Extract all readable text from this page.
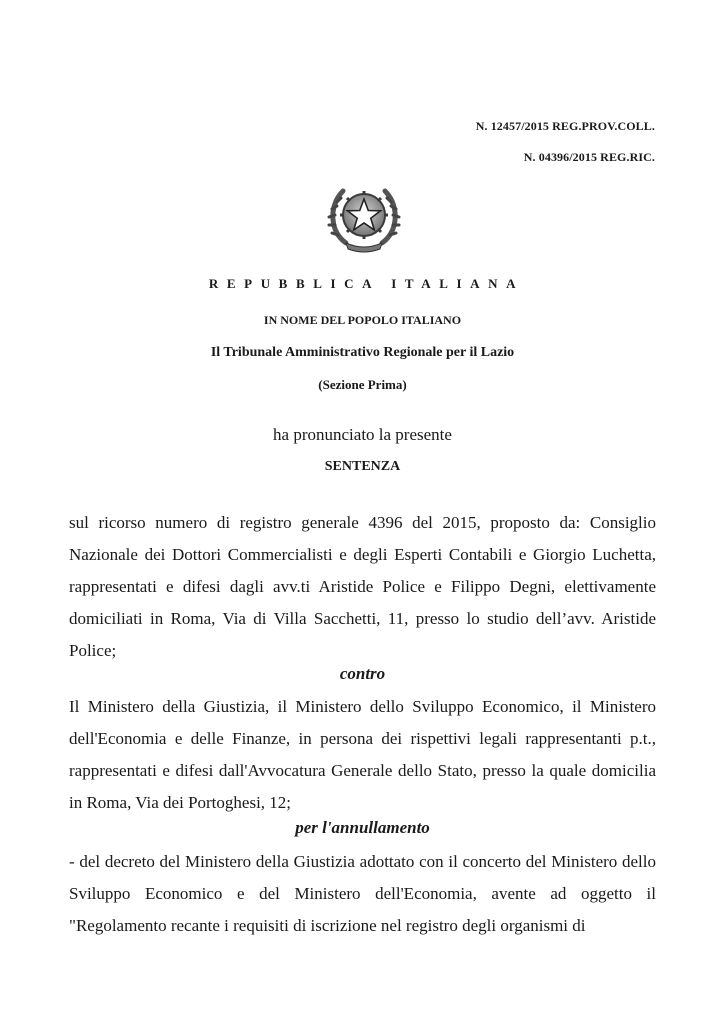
N. 12457/2015 REG.PROV.COLL.
N. 04396/2015 REG.RIC.
REPUBBLICA ITALIANA
IN NOME DEL POPOLO ITALIANO
Il Tribunale Amministrativo Regionale per il Lazio
(Sezione Prima)
ha pronunciato la presente
SENTENZA
sul ricorso numero di registro generale 4396 del 2015, proposto da: Consiglio Nazionale dei Dottori Commercialisti e degli Esperti Contabili e Giorgio Luchetta, rappresentati e difesi dagli avv.ti Aristide Police e Filippo Degni, elettivamente domiciliati in Roma, Via di Villa Sacchetti, 11, presso lo studio dell’avv. Aristide Police;
contro
Il Ministero della Giustizia, il Ministero dello Sviluppo Economico, il Ministero dell'Economia e delle Finanze, in persona dei rispettivi legali rappresentanti p.t., rappresentati e difesi dall'Avvocatura Generale dello Stato, presso la quale domicilia in Roma, Via dei Portoghesi, 12;
per l'annullamento
- del decreto del Ministero della Giustizia adottato con il concerto del Ministero dello Sviluppo Economico e del Ministero dell'Economia, avente ad oggetto il "Regolamento recante i requisiti di iscrizione nel registro degli organismi di
